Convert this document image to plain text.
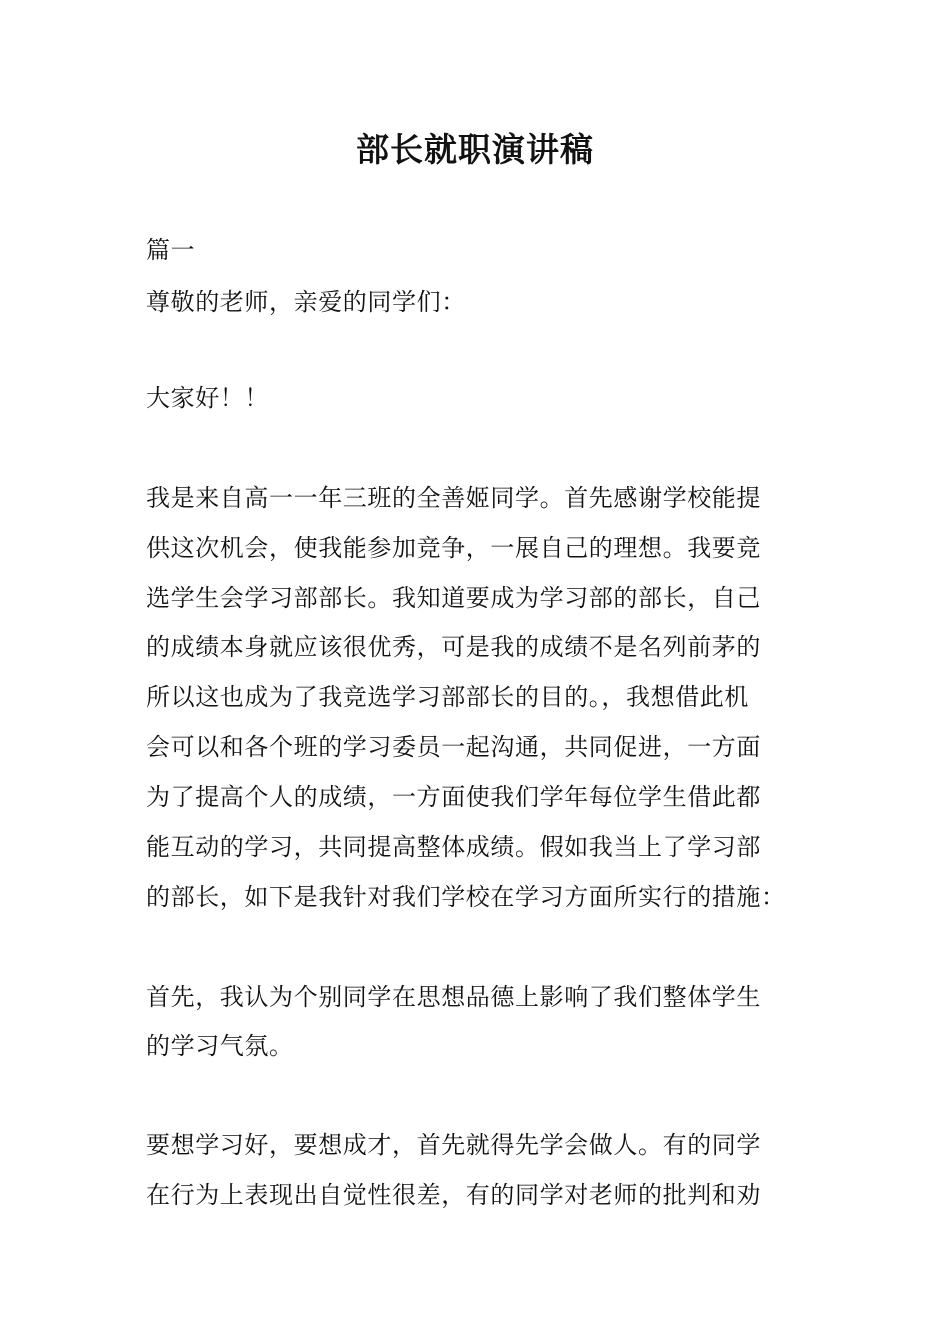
部长就职演讲稿
篇一
尊敬的老师，亲爱的同学们：
大家好！！
我是来自高一一年三班的全善姬同学。首先感谢学校能提
供这次机会，使我能参加竞争，一展自己的理想。我要竞
选学生会学习部部长。我知道要成为学习部的部长，自己
的成绩本身就应该很优秀，可是我的成绩不是名列前茅的
所以这也成为了我竞选学习部部长的目的。，我想借此机
会可以和各个班的学习委员一起沟通，共同促进，一方面
为了提高个人的成绩，一方面使我们学年每位学生借此都
能互动的学习，共同提高整体成绩。假如我当上了学习部
的部长，如下是我针对我们学校在学习方面所实行的措施：
首先，我认为个别同学在思想品德上影响了我们整体学生
的学习气氛。
要想学习好，要想成才，首先就得先学会做人。有的同学
在行为上表现出自觉性很差，有的同学对老师的批判和劝
